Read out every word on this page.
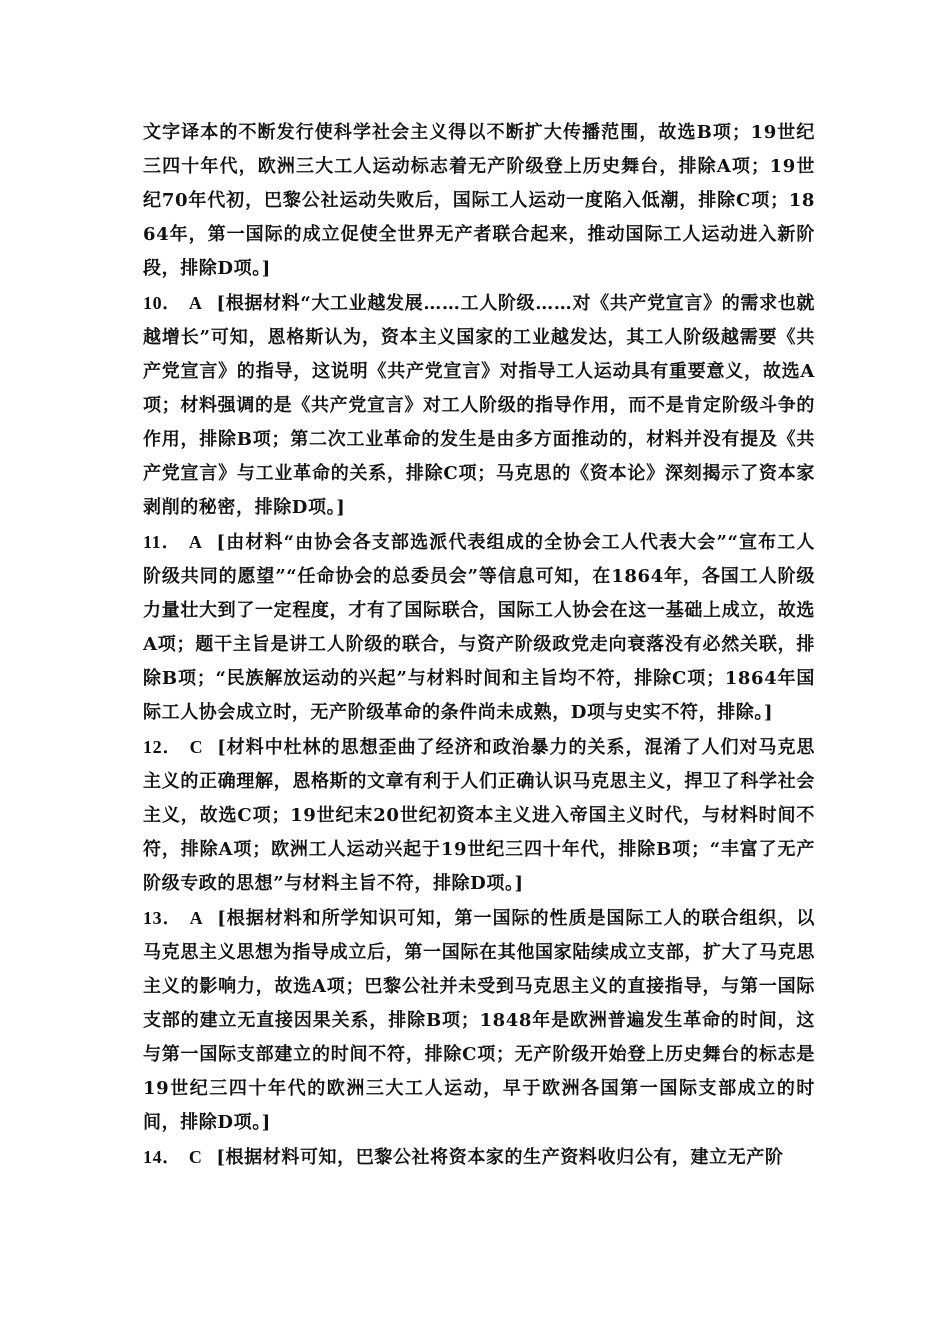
文字译本的不断发行使科学社会主义得以不断扩大传播范围，故选B项；19世纪三四十年代，欧洲三大工人运动标志着无产阶级登上历史舞台，排除A项；19世纪70年代初，巴黎公社运动失败后，国际工人运动一度陷入低潮，排除C项；1864年，第一国际的成立促使全世界无产者联合起来，推动国际工人运动进入新阶段，排除D项。]

10． A [根据材料“大工业越发展……工人阶级……对《共产党宣言》的需求也就越增长”可知，恩格斯认为，资本主义国家的工业越发达，其工人阶级越需要《共产党宣言》的指导，这说明《共产党宣言》对指导工人运动具有重要意义，故选A项；材料强调的是《共产党宣言》对工人阶级的指导作用，而不是肯定阶级斗争的作用，排除B项；第二次工业革命的发生是由多方面推动的，材料并没有提及《共产党宣言》与工业革命的关系，排除C项；马克思的《资本论》深刻揭示了资本家剥削的秘密，排除D项。]

11． A [由材料“由协会各支部选派代表组成的全协会工人代表大会”“宣布工人阶级共同的愿望”“任命协会的总委员会”等信息可知，在1864年，各国工人阶级力量壮大到了一定程度，才有了国际联合，国际工人协会在这一基础上成立，故选A项；题干主旨是讲工人阶级的联合，与资产阶级政党走向衰落没有必然关联，排除B项；“民族解放运动的兴起”与材料时间和主旨均不符，排除C项；1864年国际工人协会成立时，无产阶级革命的条件尚未成熟，D项与史实不符，排除。]

12． C [材料中杜林的思想歪曲了经济和政治暴力的关系，混淆了人们对马克思主义的正确理解，恩格斯的文章有利于人们正确认识马克思主义，捍卫了科学社会主义，故选C项；19世纪末20世纪初资本主义进入帝国主义时代，与材料时间不符，排除A项；欧洲工人运动兴起于19世纪三四十年代，排除B项；“丰富了无产阶级专政的思想”与材料主旨不符，排除D项。]

13． A [根据材料和所学知识可知，第一国际的性质是国际工人的联合组织，以马克思主义思想为指导成立后，第一国际在其他国家陆续成立支部，扩大了马克思主义的影响力，故选A项；巴黎公社并未受到马克思主义的直接指导，与第一国际支部的建立无直接因果关系，排除B项；1848年是欧洲普遍发生革命的时间，这与第一国际支部建立的时间不符，排除C项；无产阶级开始登上历史舞台的标志是19世纪三四十年代的欧洲三大工人运动，早于欧洲各国第一国际支部成立的时间，排除D项。]

14． C [根据材料可知，巴黎公社将资本家的生产资料收归公有，建立无产阶
